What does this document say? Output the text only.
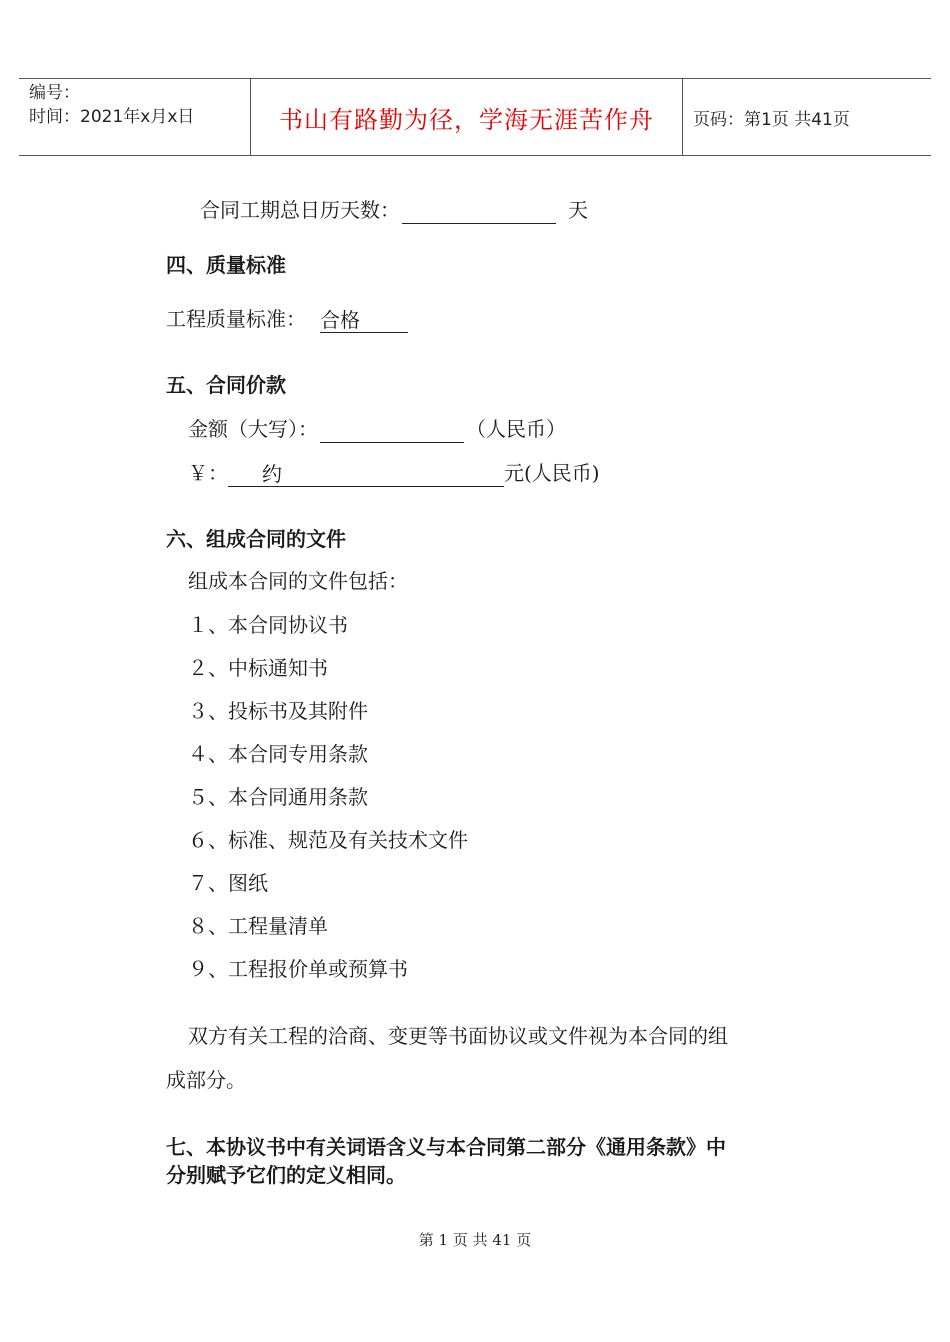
编号：
时间：2021年x月x日	书山有路勤为径，学海无涯苦作舟	页码：第1页 共41页
合同工期总日历天数：	天
四、质量标准
工程质量标准： 合格
五、合同价款
金额（大写）：	（人民币）
￥： 约	元(人民币)
六、组成合同的文件
组成本合同的文件包括：
１、本合同协议书
２、中标通知书
３、投标书及其附件
４、本合同专用条款
５、本合同通用条款
６、标准、规范及有关技术文件
７、图纸
８、工程量清单
９、工程报价单或预算书
双方有关工程的洽商、变更等书面协议或文件视为本合同的组
成部分。
七、本协议书中有关词语含义与本合同第二部分《通用条款》中
分别赋予它们的定义相同。
第 1 页 共 41 页
